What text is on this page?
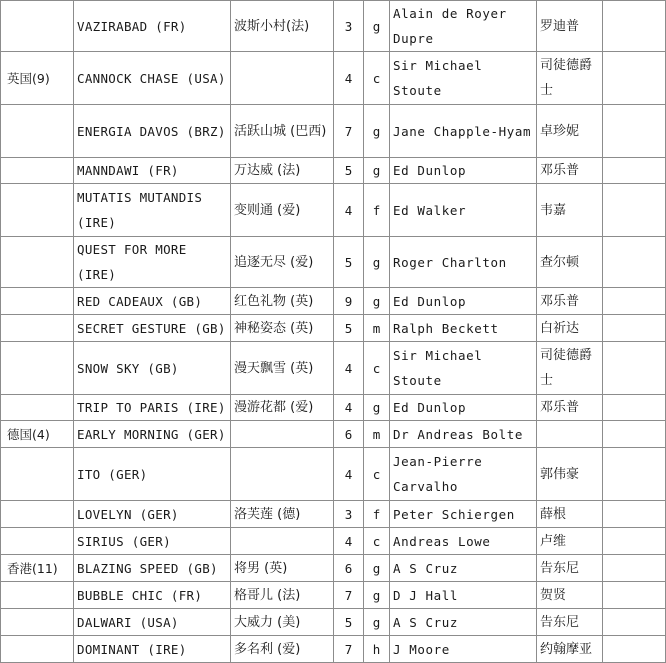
	VAZIRABAD (FR)	波斯小村(法)	3	g	Alain de Royer Dupre	罗迪普	
英国(9)	CANNOCK CHASE (USA)		4	c	Sir Michael Stoute	司徒德爵士	
	ENERGIA DAVOS (BRZ)	活跃山城 (巴西)	7	g	Jane Chapple-Hyam	卓珍妮	
	MANNDAWI (FR)	万达威 (法)	5	g	Ed Dunlop	邓乐普	
	MUTATIS MUTANDIS (IRE)	变则通 (爱)	4	f	Ed Walker	韦嘉	
	QUEST FOR MORE (IRE)	追逐无尽 (爱)	5	g	Roger Charlton	查尔顿	
	RED CADEAUX (GB)	红色礼物 (英)	9	g	Ed Dunlop	邓乐普	
	SECRET GESTURE (GB)	神秘姿态 (英)	5	m	Ralph Beckett	白祈达	
	SNOW SKY (GB)	漫天飘雪 (英)	4	c	Sir Michael Stoute	司徒德爵士	
	TRIP TO PARIS (IRE)	漫游花都 (爱)	4	g	Ed Dunlop	邓乐普	
德国(4)	EARLY MORNING (GER)		6	m	Dr Andreas Bolte		
	ITO (GER)		4	c	Jean-Pierre Carvalho	郭伟豪	
	LOVELYN (GER)	洛芙莲 (德)	3	f	Peter Schiergen	薛根	
	SIRIUS (GER)		4	c	Andreas Lowe	卢维	
香港(11)	BLAZING SPEED (GB)	将男 (英)	6	g	A S Cruz	告东尼	
	BUBBLE CHIC (FR)	格哥儿 (法)	7	g	D J Hall	贺贤	
	DALWARI (USA)	大威力 (美)	5	g	A S Cruz	告东尼	
	DOMINANT (IRE)	多名利 (爱)	7	h	J Moore	约翰摩亚	
